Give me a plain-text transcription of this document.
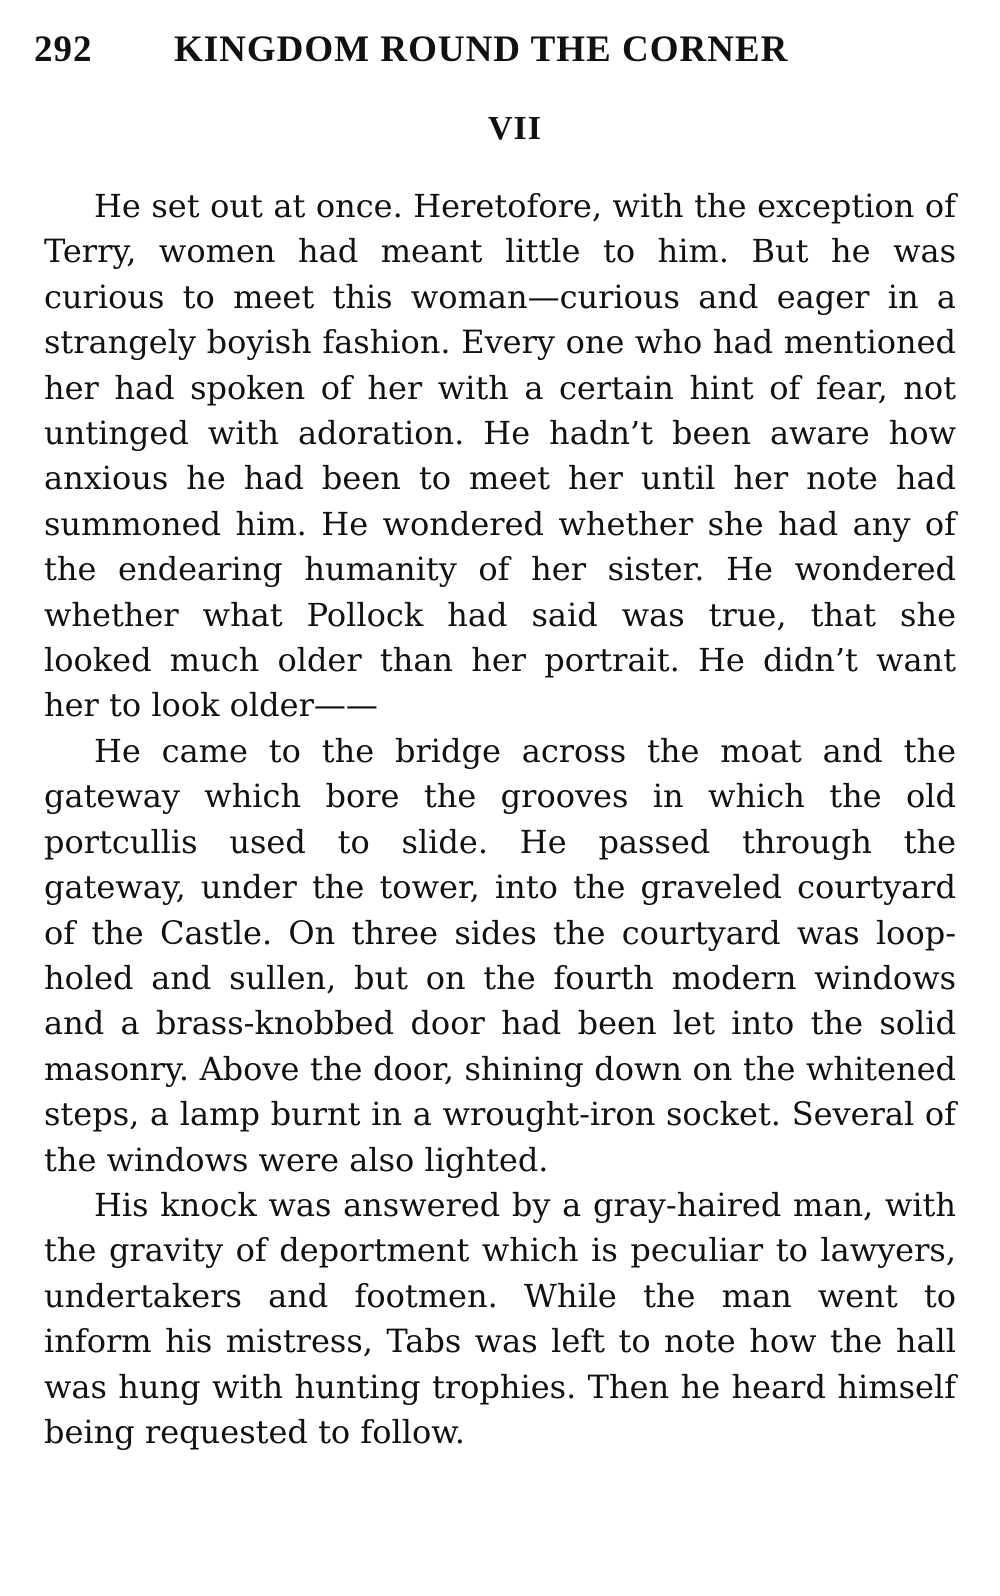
292 KINGDOM ROUND THE CORNER
VII

He set out at once. Heretofore, with the exception of Terry, women had meant little to him. But he was curious to meet this woman—curious and eager in a strangely boyish fashion. Every one who had mentioned her had spoken of her with a certain hint of fear, not untinged with adoration. He hadn’t been aware how anxious he had been to meet her until her note had summoned him. He wondered whether she had any of the endearing humanity of her sister. He wondered whether what Pollock had said was true, that she looked much older than her portrait. He didn’t want her to look older——

He came to the bridge across the moat and the gateway which bore the grooves in which the old portcullis used to slide. He passed through the gateway, under the tower, into the graveled courtyard of the Castle. On three sides the courtyard was loop-holed and sullen, but on the fourth modern windows and a brass-knobbed door had been let into the solid masonry. Above the door, shining down on the whitened steps, a lamp burnt in a wrought-iron socket. Several of the windows were also lighted.

His knock was answered by a gray-haired man, with the gravity of deportment which is peculiar to lawyers, undertakers and footmen. While the man went to inform his mistress, Tabs was left to note how the hall was hung with hunting trophies. Then he heard himself being requested to follow.
